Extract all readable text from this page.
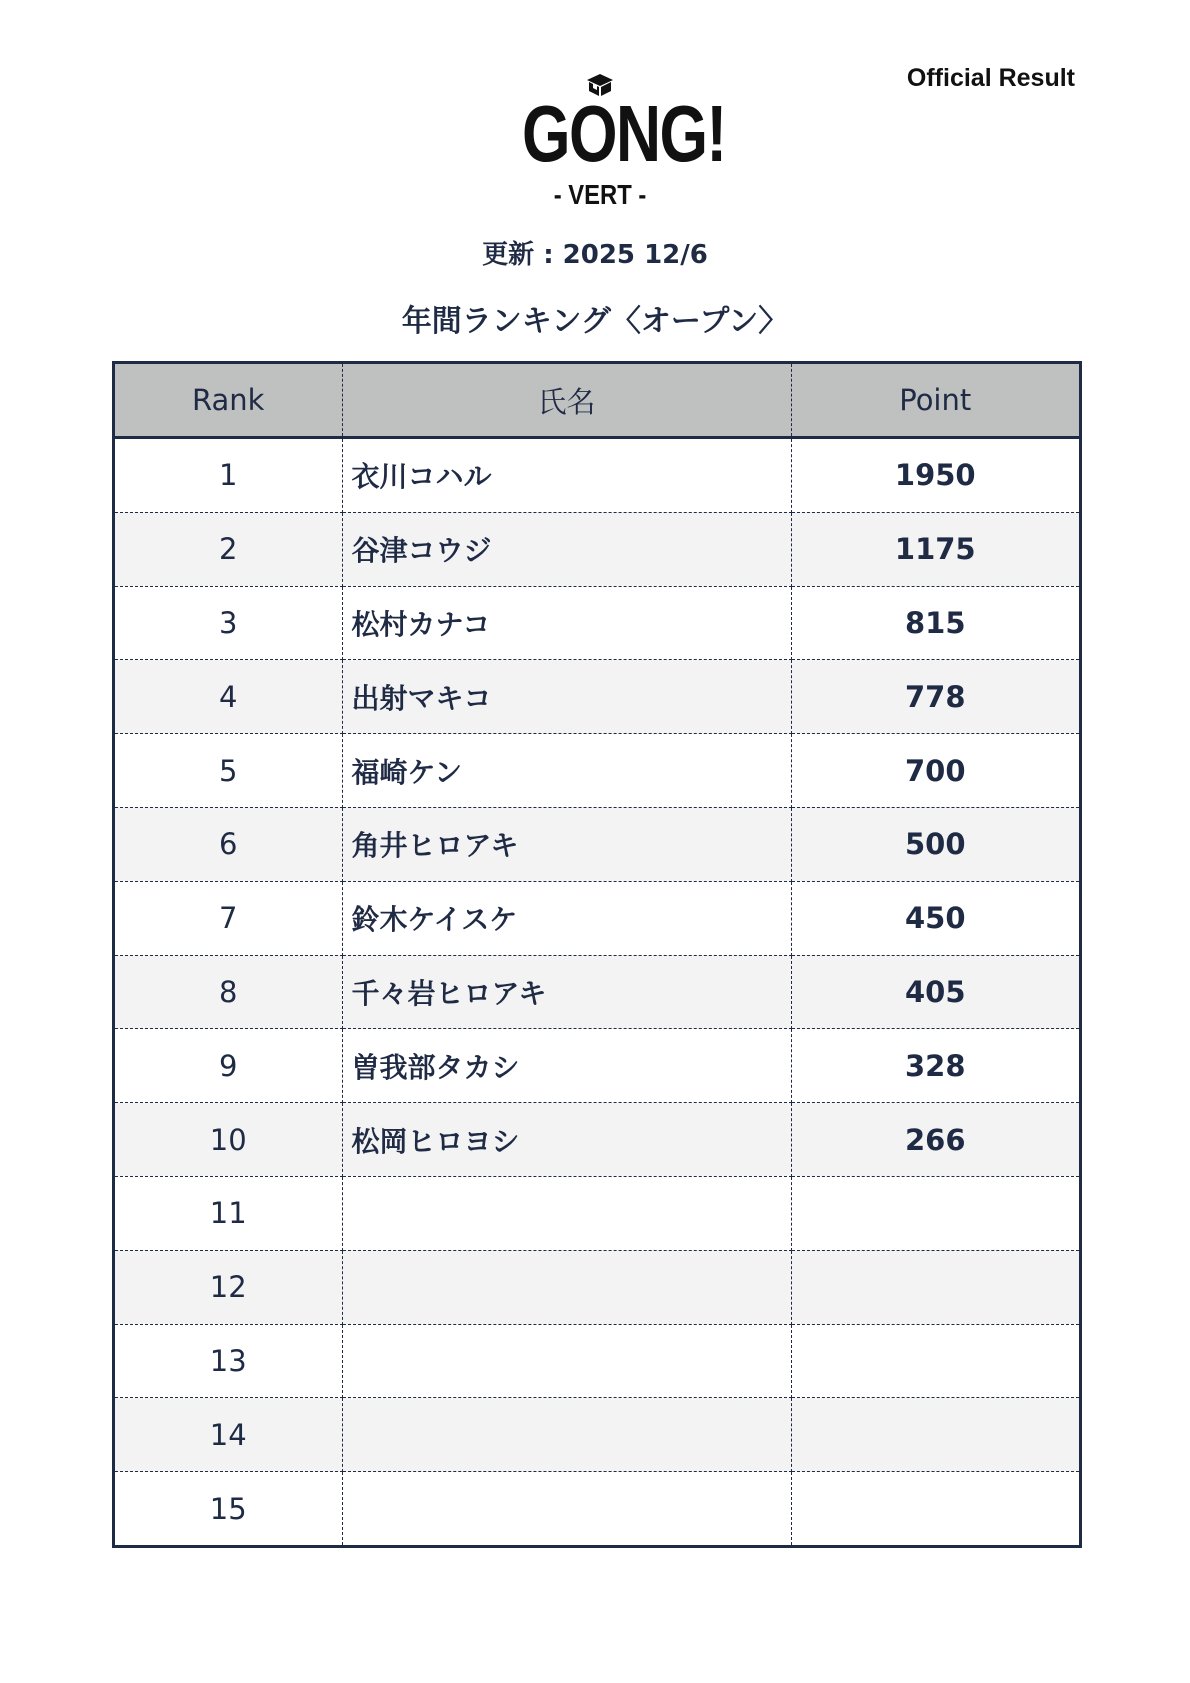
Official Result
GONG!
- VERT -
更新 : 2025 12/6
年間ランキング〈オープン〉
Rank	氏名	Point
1	衣川コハル	1950
2	谷津コウジ	1175
3	松村カナコ	815
4	出射マキコ	778
5	福崎ケン	700
6	角井ヒロアキ	500
7	鈴木ケイスケ	450
8	千々岩ヒロアキ	405
9	曽我部タカシ	328
10	松岡ヒロヨシ	266
11		
12		
13		
14		
15		
